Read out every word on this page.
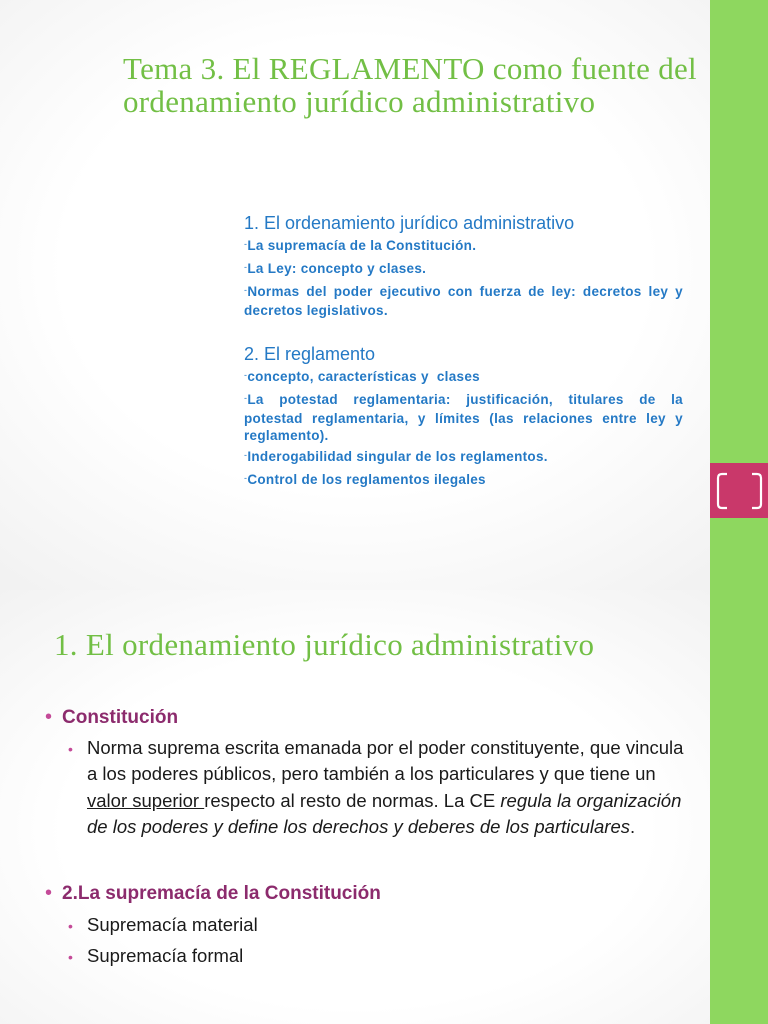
Tema 3. El REGLAMENTO como fuente del
ordenamiento jurídico administrativo
1. El ordenamiento jurídico administrativo
-La supremacía de la Constitución.
-La Ley: concepto y clases.
-Normas del poder ejecutivo con fuerza de ley: decretos ley y
decretos legislativos.
2. El reglamento
-concepto, características y  clases
-La potestad reglamentaria: justificación, titulares de la
potestad reglamentaria, y límites (las relaciones entre ley y
reglamento).
-Inderogabilidad singular de los reglamentos.
-Control de los reglamentos ilegales
1. El ordenamiento jurídico administrativo
• Constitución
• Norma suprema escrita emanada por el poder constituyente, que vincula
a los poderes públicos, pero también a los particulares y que tiene un
valor superior respecto al resto de normas. La CE regula la organización
de los poderes y define los derechos y deberes de los particulares.
• 2.La supremacía de la Constitución
• Supremacía material
• Supremacía formal
